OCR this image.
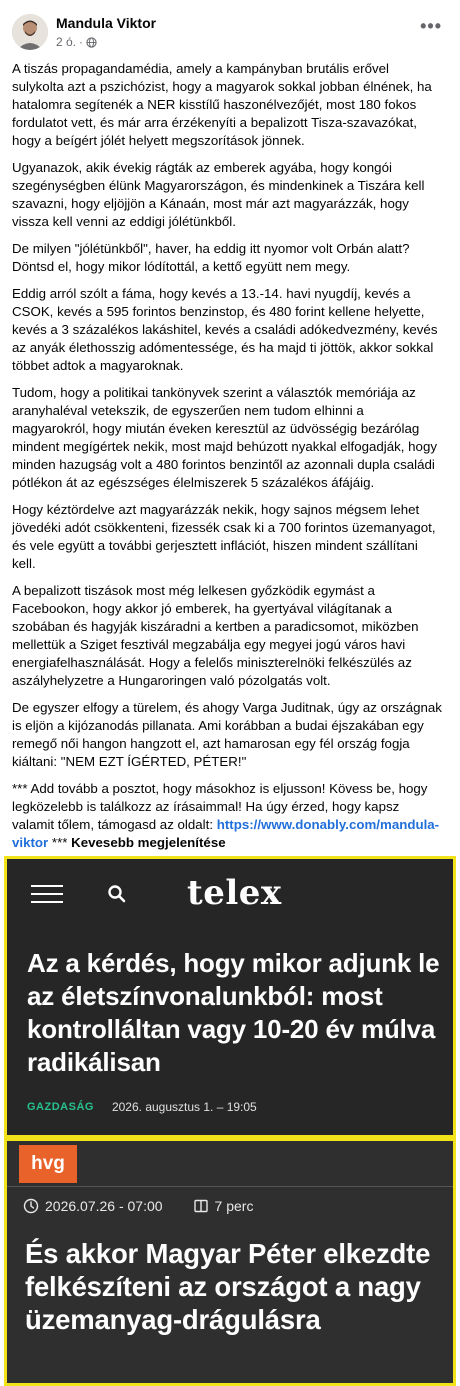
Mandula Viktor
2 ó. ·
•••

A tiszás propagandamédia, amely a kampányban brutális erővel sulykolta azt a pszichózist, hogy a magyarok sokkal jobban élnének, ha hatalomra segítenék a NER kisstílű haszonélvezőjét, most 180 fokos fordulatot vett, és már arra érzékenyíti a bepalizott Tisza-szavazókat, hogy a beígért jólét helyett megszorítások jönnek.

Ugyanazok, akik évekig rágták az emberek agyába, hogy kongói szegénységben élünk Magyarországon, és mindenkinek a Tiszára kell szavazni, hogy eljöjjön a Kánaán, most már azt magyarázzák, hogy vissza kell venni az eddigi jólétünkből.

De milyen "jólétünkből", haver, ha eddig itt nyomor volt Orbán alatt? Döntsd el, hogy mikor lódítottál, a kettő együtt nem megy.

Eddig arról szólt a fáma, hogy kevés a 13.-14. havi nyugdíj, kevés a CSOK, kevés a 595 forintos benzinstop, és 480 forint kellene helyette, kevés a 3 százalékos lakáshitel, kevés a családi adókedvezmény, kevés az anyák élethosszig adómentessége, és ha majd ti jöttök, akkor sokkal többet adtok a magyaroknak.

Tudom, hogy a politikai tankönyvek szerint a választók memóriája az aranyhaléval vetekszik, de egyszerűen nem tudom elhinni a magyarokról, hogy miután éveken keresztül az üdvösségig bezárólag mindent megígértek nekik, most majd behúzott nyakkal elfogadják, hogy minden hazugság volt a 480 forintos benzintől az azonnali dupla családi pótlékon át az egészséges élelmiszerek 5 százalékos áfájáig.

Hogy kéztördelve azt magyarázzák nekik, hogy sajnos mégsem lehet jövedéki adót csökkenteni, fizessék csak ki a 700 forintos üzemanyagot, és vele együtt a további gerjesztett inflációt, hiszen mindent szállítani kell.

A bepalizott tiszások most még lelkesen győzködik egymást a Facebookon, hogy akkor jó emberek, ha gyertyával világítanak a szobában és hagyják kiszáradni a kertben a paradicsomot, miközben mellettük a Sziget fesztivál megzabálja egy megyei jogú város havi energiafelhasználását. Hogy a felelős miniszterelnöki felkészülés az aszályhelyzetre a Hungaroringen való pózolgatás volt.

De egyszer elfogy a türelem, és ahogy Varga Juditnak, úgy az országnak is eljön a kijózanodás pillanata. Ami korábban a budai éjszakában egy remegő női hangon hangzott el, azt hamarosan egy fél ország fogja kiáltani: "NEM EZT ÍGÉRTED, PÉTER!"

*** Add tovább a posztot, hogy másokhoz is eljusson! Kövess be, hogy legközelebb is találkozz az írásaimmal! Ha úgy érzed, hogy kapsz valamit tőlem, támogasd az oldalt: https://www.donably.com/mandula-viktor *** Kevesebb megjelenítése

telex
Az a kérdés, hogy mikor adjunk le az életszínvonalunkból: most kontrolláltan vagy 10-20 év múlva radikálisan
GAZDASÁG 2026. augusztus 1. – 19:05
hvg
2026.07.26 - 07:00	7 perc
És akkor Magyar Péter elkezdte felkészíteni az országot a nagy üzemanyag-drágulásra
